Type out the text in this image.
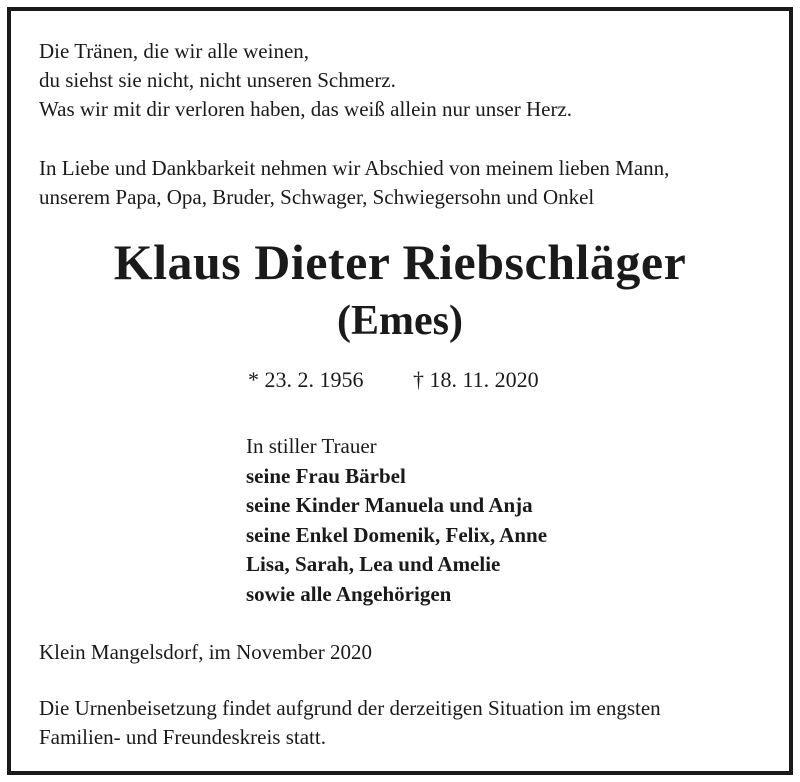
Die Tränen, die wir alle weinen,
du siehst sie nicht, nicht unseren Schmerz.
Was wir mit dir verloren haben, das weiß allein nur unser Herz.
In Liebe und Dankbarkeit nehmen wir Abschied von meinem lieben Mann,
unserem Papa, Opa, Bruder, Schwager, Schwiegersohn und Onkel
Klaus Dieter Riebschläger
(Emes)
* 23. 2. 1956 † 18. 11. 2020
In stiller Trauer
seine Frau Bärbel
seine Kinder Manuela und Anja
seine Enkel Domenik, Felix, Anne
Lisa, Sarah, Lea und Amelie
sowie alle Angehörigen
Klein Mangelsdorf, im November 2020
Die Urnenbeisetzung findet aufgrund der derzeitigen Situation im engsten
Familien- und Freundeskreis statt.
